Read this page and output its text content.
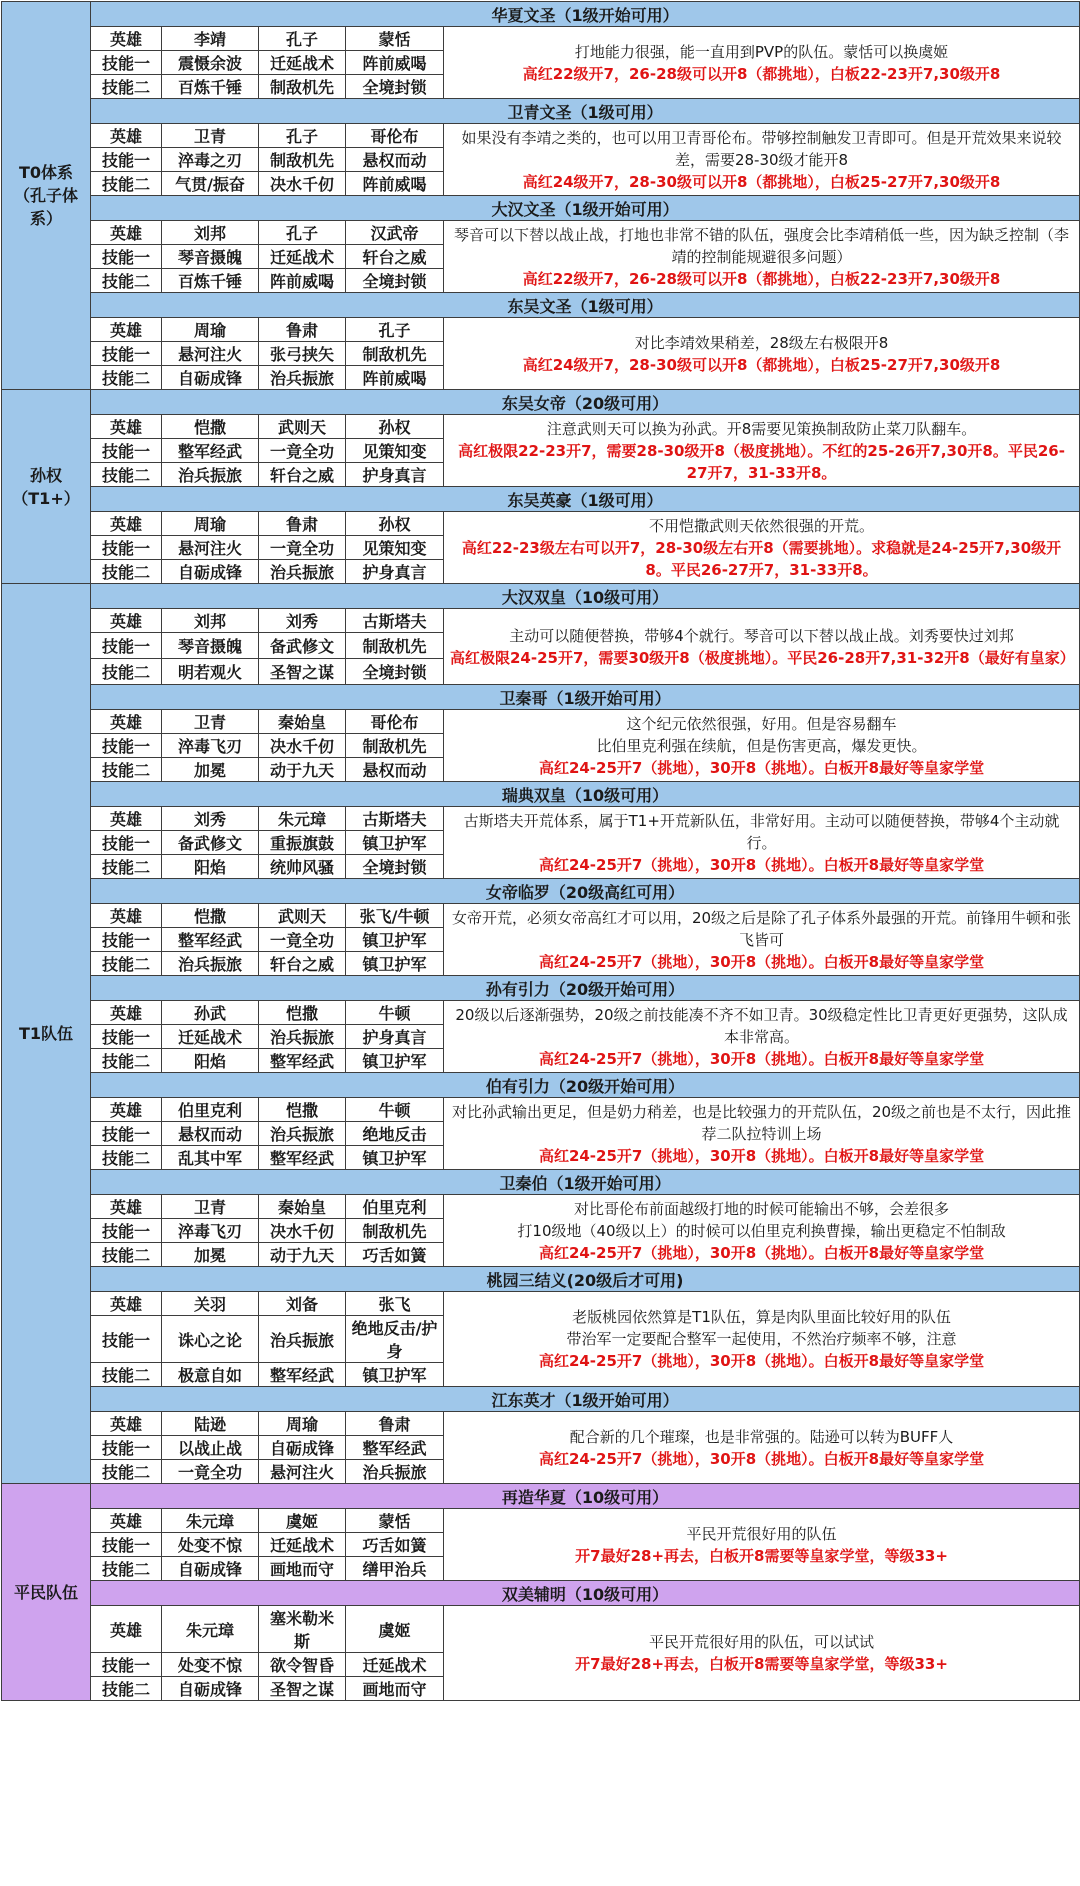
T0体系（孔子体系）	华夏文圣（1级开始可用）				
	英雄	李靖	孔子	蒙恬	打地能力很强，能一直用到PVP的队伍。蒙恬可以换虞姬
高红22级开7，26-28级可以开8（都挑地），白板22-23开7,30级开8

	技能一	震慑余波	迁延战术	阵前威喝	
	技能二	百炼千锤	制敌机先	全境封锁	
	卫青文圣（1级可用）				
	英雄	卫青	孔子	哥伦布	如果没有李靖之类的，也可以用卫青哥伦布。带够控制触发卫青即可。但是开荒效果来说较差，需要28-30级才能开8
高红24级开7，28-30级可以开8（都挑地），白板25-27开7,30级开8

	技能一	淬毒之刃	制敌机先	悬权而动	
	技能二	气贯/振奋	决水千仞	阵前威喝	
	大汉文圣（1级开始可用）				
	英雄	刘邦	孔子	汉武帝	琴音可以下替以战止战，打地也非常不错的队伍，强度会比李靖稍低一些，因为缺乏控制（李靖的控制能规避很多问题）
高红22级开7，26-28级可以开8（都挑地），白板22-23开7,30级开8

	技能一	琴音摄魄	迁延战术	轩台之威	
	技能二	百炼千锤	阵前威喝	全境封锁	
	东吴文圣（1级可用）				
	英雄	周瑜	鲁肃	孔子	对比李靖效果稍差，28级左右极限开8
高红24级开7，28-30级可以开8（都挑地），白板25-27开7,30级开8

	技能一	悬河注火	张弓挟矢	制敌机先	
	技能二	自砺成锋	治兵振旅	阵前威喝	
孙权（T1+）	东吴女帝（20级可用）				
	英雄	恺撒	武则天	孙权	注意武则天可以换为孙武。开8需要见策换制敌防止菜刀队翻车。
高红极限22-23开7，需要28-30级开8（极度挑地）。不红的25-26开7,30开8。平民26-27开7，31-33开8。

	技能一	整军经武	一竟全功	见策知变	
	技能二	治兵振旅	轩台之威	护身真言	
	东吴英豪（1级可用）				
	英雄	周瑜	鲁肃	孙权	不用恺撒武则天依然很强的开荒。
高红22-23级左右可以开7，28-30级左右开8（需要挑地）。求稳就是24-25开7,30级开8。平民26-27开7，31-33开8。

	技能一	悬河注火	一竟全功	见策知变	
	技能二	自砺成锋	治兵振旅	护身真言	
T1队伍	大汉双皇（10级可用）				
	英雄	刘邦	刘秀	古斯塔夫	主动可以随便替换，带够4个就行。琴音可以下替以战止战。刘秀要快过刘邦
高红极限24-25开7，需要30级开8（极度挑地）。平民26-28开7,31-32开8（最好有皇家）

	技能一	琴音摄魄	备武修文	制敌机先	
	技能二	明若观火	圣智之谋	全境封锁	
	卫秦哥（1级开始可用）				
	英雄	卫青	秦始皇	哥伦布	这个纪元依然很强，好用。但是容易翻车
比伯里克利强在续航，但是伤害更高，爆发更快。
高红24-25开7（挑地），30开8（挑地）。白板开8最好等皇家学堂

	技能一	淬毒飞刃	决水千仞	制敌机先	
	技能二	加冕	动于九天	悬权而动	
	瑞典双皇（10级可用）				
	英雄	刘秀	朱元璋	古斯塔夫	古斯塔夫开荒体系，属于T1+开荒新队伍，非常好用。主动可以随便替换，带够4个主动就行。
高红24-25开7（挑地），30开8（挑地）。白板开8最好等皇家学堂

	技能一	备武修文	重振旗鼓	镇卫护军	
	技能二	阳焰	统帅风骚	全境封锁	
	女帝临罗（20级高红可用）				
	英雄	恺撒	武则天	张飞/牛顿	女帝开荒，必须女帝高红才可以用，20级之后是除了孔子体系外最强的开荒。前锋用牛顿和张飞皆可
高红24-25开7（挑地），30开8（挑地）。白板开8最好等皇家学堂

	技能一	整军经武	一竟全功	镇卫护军	
	技能二	治兵振旅	轩台之威	镇卫护军	
	孙有引力（20级开始可用）				
	英雄	孙武	恺撒	牛顿	20级以后逐渐强势，20级之前技能凑不齐不如卫青。30级稳定性比卫青更好更强势，这队成本非常高。
高红24-25开7（挑地），30开8（挑地）。白板开8最好等皇家学堂

	技能一	迁延战术	治兵振旅	护身真言	
	技能二	阳焰	整军经武	镇卫护军	
	伯有引力（20级开始可用）				
	英雄	伯里克利	恺撒	牛顿	对比孙武输出更足，但是奶力稍差，也是比较强力的开荒队伍，20级之前也是不太行，因此推荐二队拉特训上场
高红24-25开7（挑地），30开8（挑地）。白板开8最好等皇家学堂

	技能一	悬权而动	治兵振旅	绝地反击	
	技能二	乱其中军	整军经武	镇卫护军	
	卫秦伯（1级开始可用）				
	英雄	卫青	秦始皇	伯里克利	对比哥伦布前面越级打地的时候可能输出不够，会差很多
打10级地（40级以上）的时候可以伯里克利换曹操，输出更稳定不怕制敌
高红24-25开7（挑地），30开8（挑地）。白板开8最好等皇家学堂

	技能一	淬毒飞刃	决水千仞	制敌机先	
	技能二	加冕	动于九天	巧舌如簧	
	桃园三结义(20级后才可用)				
	英雄	关羽	刘备	张飞	老版桃园依然算是T1队伍，算是肉队里面比较好用的队伍
带治军一定要配合整军一起使用，不然治疗频率不够，注意
高红24-25开7（挑地），30开8（挑地）。白板开8最好等皇家学堂

	技能一	诛心之论	治兵振旅	绝地反击/护身	
	技能二	极意自如	整军经武	镇卫护军	
	江东英才（1级开始可用）				
	英雄	陆逊	周瑜	鲁肃	配合新的几个璀璨，也是非常强的。陆逊可以转为BUFF人
高红24-25开7（挑地），30开8（挑地）。白板开8最好等皇家学堂

	技能一	以战止战	自砺成锋	整军经武	
	技能二	一竟全功	悬河注火	治兵振旅	
平民队伍	再造华夏（10级可用）				
	英雄	朱元璋	虞姬	蒙恬	平民开荒很好用的队伍
开7最好28+再去，白板开8需要等皇家学堂，等级33+

	技能一	处变不惊	迁延战术	巧舌如簧	
	技能二	自砺成锋	画地而守	缮甲治兵	
	双美辅明（10级可用）				
	英雄	朱元璋	塞米勒米斯	虞姬	平民开荒很好用的队伍，可以试试
开7最好28+再去，白板开8需要等皇家学堂，等级33+

	技能一	处变不惊	欲令智昏	迁延战术	
	技能二	自砺成锋	圣智之谋	画地而守	
